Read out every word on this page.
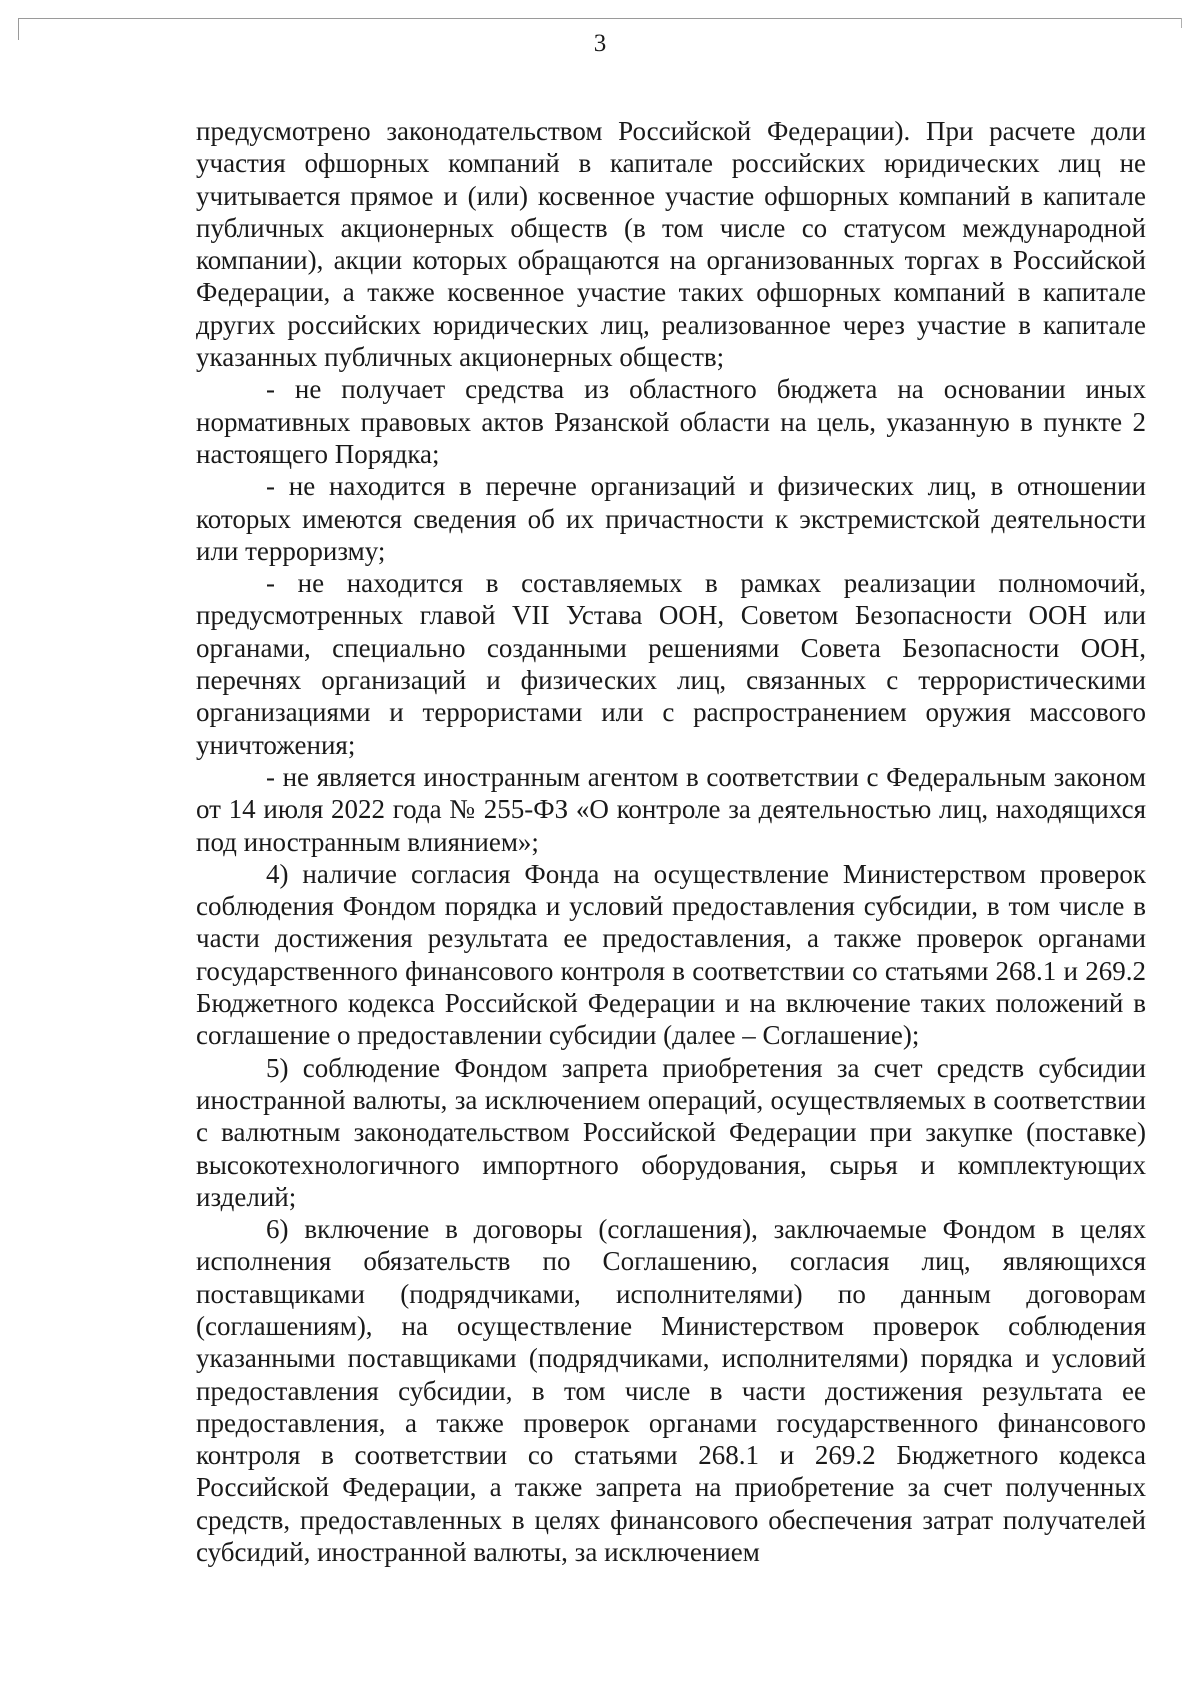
3

предусмотрено законодательством Российской Федерации). При расчете доли участия офшорных компаний в капитале российских юридических лиц не учитывается прямое и (или) косвенное участие офшорных компаний в капитале публичных акционерных обществ (в том числе со статусом международной компании), акции которых обращаются на организованных торгах в Российской Федерации, а также косвенное участие таких офшорных компаний в капитале других российских юридических лиц, реализованное через участие в капитале указанных публичных акционерных обществ;

- не получает средства из областного бюджета на основании иных нормативных правовых актов Рязанской области на цель, указанную в пункте 2 настоящего Порядка;

- не находится в перечне организаций и физических лиц, в отношении которых имеются сведения об их причастности к экстремистской деятельности или терроризму;

- не находится в составляемых в рамках реализации полномочий, предусмотренных главой VII Устава ООН, Советом Безопасности ООН или органами, специально созданными решениями Совета Безопасности ООН, перечнях организаций и физических лиц, связанных с террористическими организациями и террористами или с распространением оружия массового уничтожения;

- не является иностранным агентом в соответствии с Федеральным законом от 14 июля 2022 года № 255-ФЗ «О контроле за деятельностью лиц, находящихся под иностранным влиянием»;

4) наличие согласия Фонда на осуществление Министерством проверок соблюдения Фондом порядка и условий предоставления субсидии, в том числе в части достижения результата ее предоставления, а также проверок органами государственного финансового контроля в соответствии со статьями 268.1 и 269.2 Бюджетного кодекса Российской Федерации и на включение таких положений в соглашение о предоставлении субсидии (далее – Соглашение);

5) соблюдение Фондом запрета приобретения за счет средств субсидии иностранной валюты, за исключением операций, осуществляемых в соответствии с валютным законодательством Российской Федерации при закупке (поставке) высокотехнологичного импортного оборудования, сырья и комплектующих изделий;

6) включение в договоры (соглашения), заключаемые Фондом в целях исполнения обязательств по Соглашению, согласия лиц, являющихся поставщиками (подрядчиками, исполнителями) по данным договорам (соглашениям), на осуществление Министерством проверок соблюдения указанными поставщиками (подрядчиками, исполнителями) порядка и условий предоставления субсидии, в том числе в части достижения результата ее предоставления, а также проверок органами государственного финансового контроля в соответствии со статьями 268.1 и 269.2 Бюджетного кодекса Российской Федерации, а также запрета на приобретение за счет полученных средств, предоставленных в целях финансового обеспечения затрат получателей субсидий, иностранной валюты, за исключением
